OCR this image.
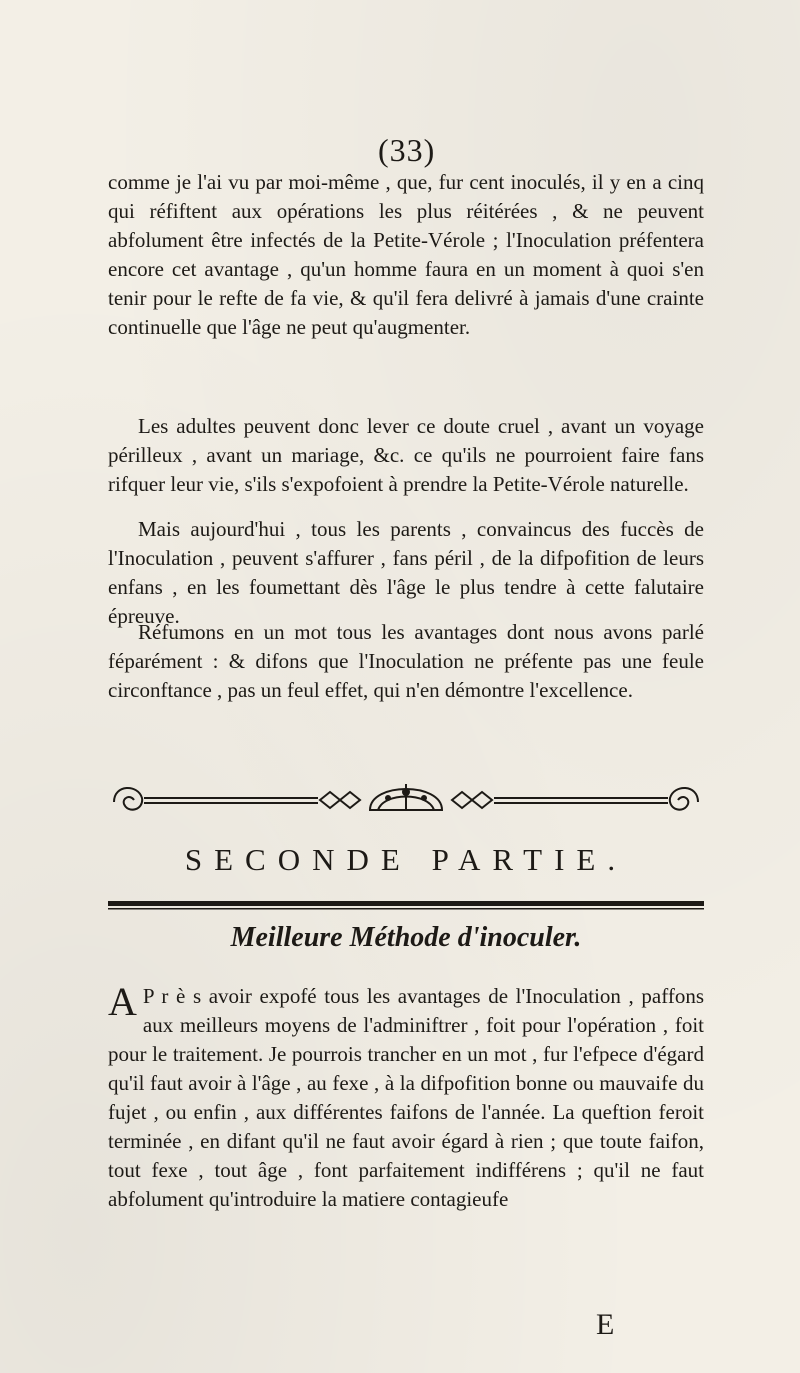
(33)

comme je l'ai vu par moi-même , que, fur cent inoculés, il y en a cinq qui réfiftent aux opérations les plus réitérées , & ne peuvent abfolument être infectés de la Petite-Vérole ; l'Inoculation préfentera encore cet avantage , qu'un homme faura en un moment à quoi s'en tenir pour le refte de fa vie, & qu'il fera delivré à jamais d'une crainte continuelle que l'âge ne peut qu'augmenter.

Les adultes peuvent donc lever ce doute cruel , avant un voyage périlleux , avant un mariage, &c. ce qu'ils ne pourroient faire fans rifquer leur vie, s'ils s'expofoient à prendre la Petite-Vérole naturelle.

Mais aujourd'hui , tous les parents , convaincus des fuccès de l'Inoculation , peuvent s'affurer , fans péril , de la difpofition de leurs enfans , en les foumettant dès l'âge le plus tendre à cette falutaire épreuve.

Réfumons en un mot tous les avantages dont nous avons parlé féparément : & difons que l'Inoculation ne préfente pas une feule circonftance , pas un feul effet, qui n'en démontre l'excellence.

SECONDE PARTIE.
Meilleure Méthode d'inoculer.

A P r è s avoir expofé tous les avantages de l'Inoculation , paffons aux meilleurs moyens de l'adminiftrer , foit pour l'opération , foit pour le traitement. Je pourrois trancher en un mot , fur l'efpece d'égard qu'il faut avoir à l'âge , au fexe , à la difpofition bonne ou mauvaife du fujet , ou enfin , aux différentes faifons de l'année. La queftion feroit terminée , en difant qu'il ne faut avoir égard à rien ; que toute faifon, tout fexe , tout âge , font parfaitement indifférens ; qu'il ne faut abfolument qu'introduire la matiere contagieufe

E
